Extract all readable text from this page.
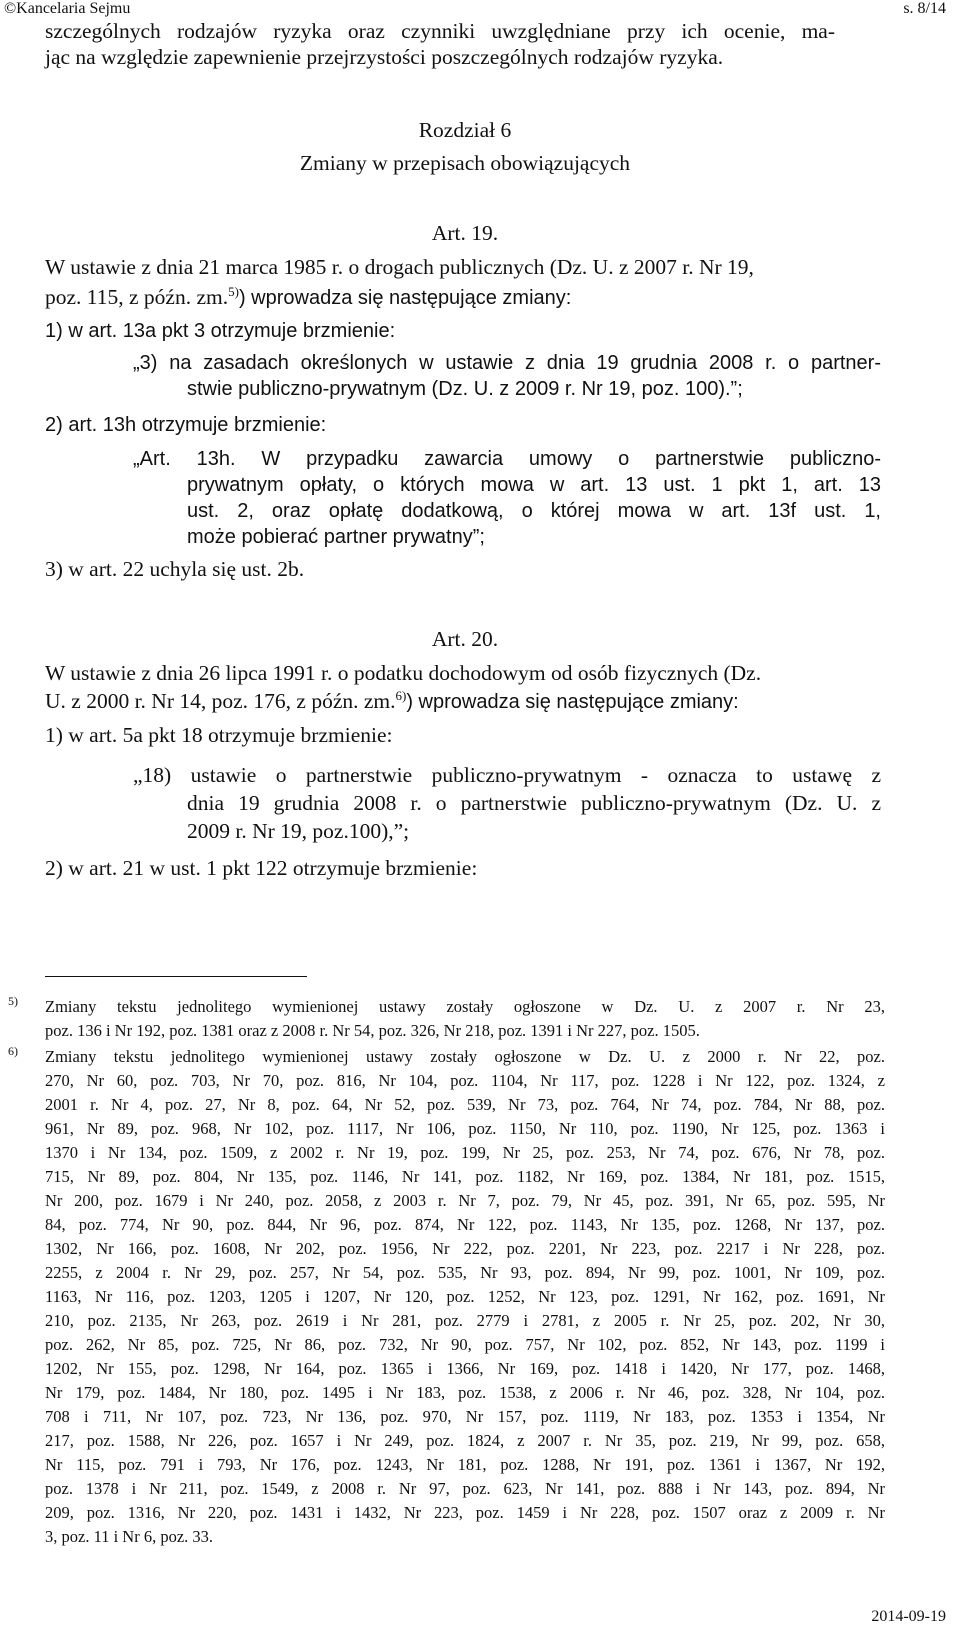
©Kancelaria Sejmu	s. 8/14
szczególnych rodzajów ryzyka oraz czynniki uwzględniane przy ich ocenie, ma-
jąc na względzie zapewnienie przejrzystości poszczególnych rodzajów ryzyka.
Rozdział 6
Zmiany w przepisach obowiązujących
Art. 19.
W ustawie z dnia 21 marca 1985 r. o drogach publicznych (Dz. U. z 2007 r. Nr 19,
poz. 115, z późn. zm.$^{5)}$) wprowadza się następujące zmiany:
1) w art. 13a pkt 3 otrzymuje brzmienie:
„3) na zasadach określonych w ustawie z dnia 19 grudnia 2008 r. o partner-
stwie publiczno-prywatnym (Dz. U. z 2009 r. Nr 19, poz. 100).”;
2) art. 13h otrzymuje brzmienie:
„Art. 13h. W przypadku zawarcia umowy o partnerstwie publiczno-
prywatnym opłaty, o których mowa w art. 13 ust. 1 pkt 1, art. 13
ust. 2, oraz opłatę dodatkową, o której mowa w art. 13f ust. 1,
może pobierać partner prywatny”;
3) w art. 22 uchyla się ust. 2b.
Art. 20.
W ustawie z dnia 26 lipca 1991 r. o podatku dochodowym od osób fizycznych (Dz.
U. z 2000 r. Nr 14, poz. 176, z późn. zm.$^{6)}$) wprowadza się następujące zmiany:
1) w art. 5a pkt 18 otrzymuje brzmienie:
„18) ustawie o partnerstwie publiczno-prywatnym - oznacza to ustawę z
dnia 19 grudnia 2008 r. o partnerstwie publiczno-prywatnym (Dz. U. z
2009 r. Nr 19, poz.100),”;
2) w art. 21 w ust. 1 pkt 122 otrzymuje brzmienie:
5) Zmiany tekstu jednolitego wymienionej ustawy zostały ogłoszone w Dz. U. z 2007 r. Nr 23,
poz. 136 i Nr 192, poz. 1381 oraz z 2008 r. Nr 54, poz. 326, Nr 218, poz. 1391 i Nr 227, poz. 1505.
6) Zmiany tekstu jednolitego wymienionej ustawy zostały ogłoszone w Dz. U. z 2000 r. Nr 22, poz.
270, Nr 60, poz. 703, Nr 70, poz. 816, Nr 104, poz. 1104, Nr 117, poz. 1228 i Nr 122, poz. 1324, z
2001 r. Nr 4, poz. 27, Nr 8, poz. 64, Nr 52, poz. 539, Nr 73, poz. 764, Nr 74, poz. 784, Nr 88, poz.
961, Nr 89, poz. 968, Nr 102, poz. 1117, Nr 106, poz. 1150, Nr 110, poz. 1190, Nr 125, poz. 1363 i
1370 i Nr 134, poz. 1509, z 2002 r. Nr 19, poz. 199, Nr 25, poz. 253, Nr 74, poz. 676, Nr 78, poz.
715, Nr 89, poz. 804, Nr 135, poz. 1146, Nr 141, poz. 1182, Nr 169, poz. 1384, Nr 181, poz. 1515,
Nr 200, poz. 1679 i Nr 240, poz. 2058, z 2003 r. Nr 7, poz. 79, Nr 45, poz. 391, Nr 65, poz. 595, Nr
84, poz. 774, Nr 90, poz. 844, Nr 96, poz. 874, Nr 122, poz. 1143, Nr 135, poz. 1268, Nr 137, poz.
1302, Nr 166, poz. 1608, Nr 202, poz. 1956, Nr 222, poz. 2201, Nr 223, poz. 2217 i Nr 228, poz.
2255, z 2004 r. Nr 29, poz. 257, Nr 54, poz. 535, Nr 93, poz. 894, Nr 99, poz. 1001, Nr 109, poz.
1163, Nr 116, poz. 1203, 1205 i 1207, Nr 120, poz. 1252, Nr 123, poz. 1291, Nr 162, poz. 1691, Nr
210, poz. 2135, Nr 263, poz. 2619 i Nr 281, poz. 2779 i 2781, z 2005 r. Nr 25, poz. 202, Nr 30,
poz. 262, Nr 85, poz. 725, Nr 86, poz. 732, Nr 90, poz. 757, Nr 102, poz. 852, Nr 143, poz. 1199 i
1202, Nr 155, poz. 1298, Nr 164, poz. 1365 i 1366, Nr 169, poz. 1418 i 1420, Nr 177, poz. 1468,
Nr 179, poz. 1484, Nr 180, poz. 1495 i Nr 183, poz. 1538, z 2006 r. Nr 46, poz. 328, Nr 104, poz.
708 i 711, Nr 107, poz. 723, Nr 136, poz. 970, Nr 157, poz. 1119, Nr 183, poz. 1353 i 1354, Nr
217, poz. 1588, Nr 226, poz. 1657 i Nr 249, poz. 1824, z 2007 r. Nr 35, poz. 219, Nr 99, poz. 658,
Nr 115, poz. 791 i 793, Nr 176, poz. 1243, Nr 181, poz. 1288, Nr 191, poz. 1361 i 1367, Nr 192,
poz. 1378 i Nr 211, poz. 1549, z 2008 r. Nr 97, poz. 623, Nr 141, poz. 888 i Nr 143, poz. 894, Nr
209, poz. 1316, Nr 220, poz. 1431 i 1432, Nr 223, poz. 1459 i Nr 228, poz. 1507 oraz z 2009 r. Nr
3, poz. 11 i Nr 6, poz. 33.
2014-09-19
